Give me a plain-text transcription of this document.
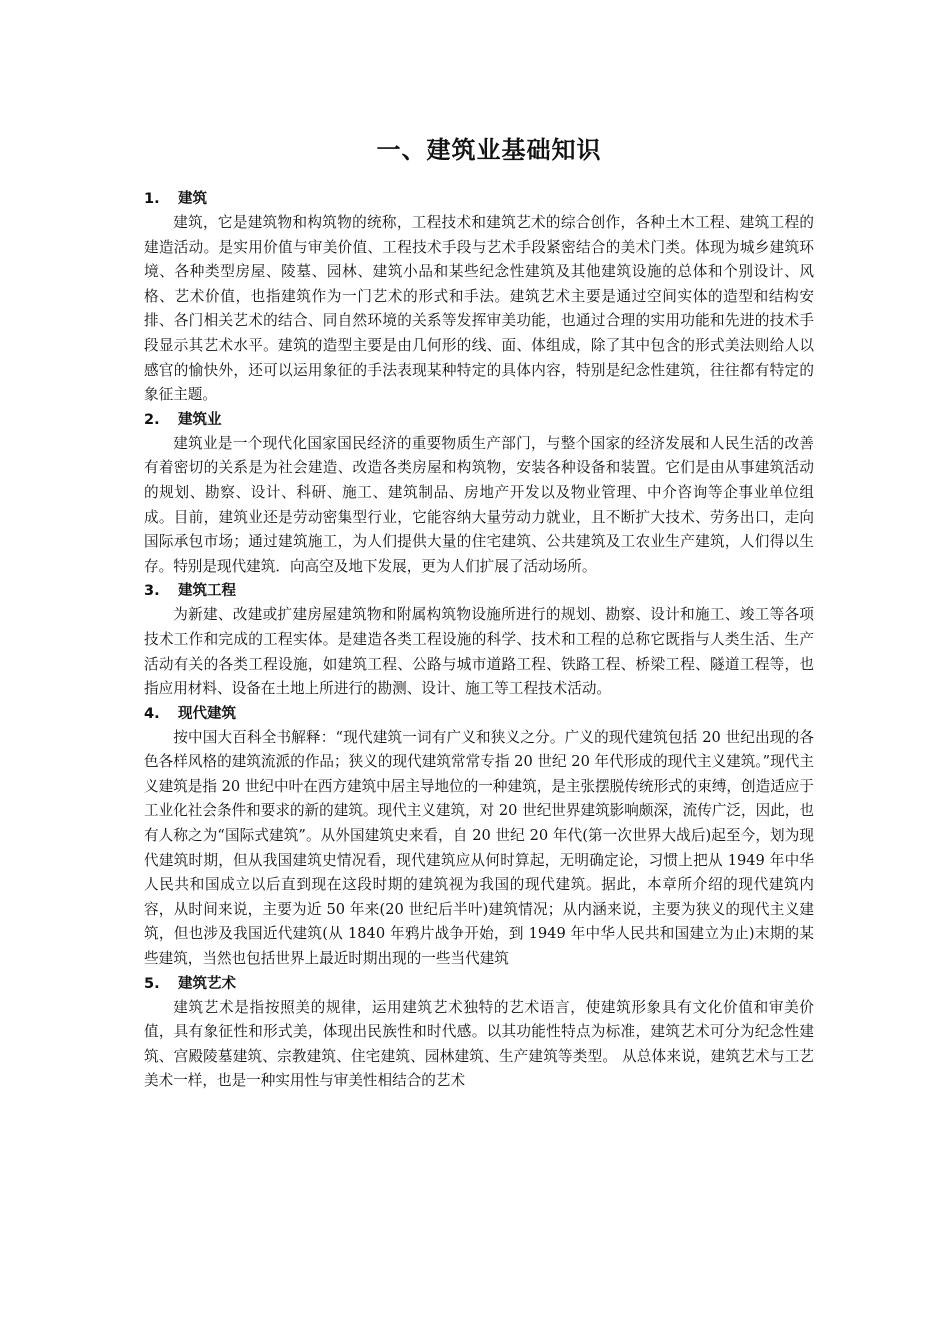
一、建筑业基础知识
1.	建筑

建筑，它是建筑物和构筑物的统称，工程技术和建筑艺术的综合创作，各种土木工程、建筑工程的建造活动。是实用价值与审美价值、工程技术手段与艺术手段紧密结合的美术门类。体现为城乡建筑环境、各种类型房屋、陵墓、园林、建筑小品和某些纪念性建筑及其他建筑设施的总体和个别设计、风格、艺术价值，也指建筑作为一门艺术的形式和手法。建筑艺术主要是通过空间实体的造型和结构安排、各门相关艺术的结合、同自然环境的关系等发挥审美功能，也通过合理的实用功能和先进的技术手段显示其艺术水平。建筑的造型主要是由几何形的线、面、体组成，除了其中包含的形式美法则给人以感官的愉快外，还可以运用象征的手法表现某种特定的具体内容，特别是纪念性建筑，往往都有特定的象征主题。

2.	建筑业

建筑业是一个现代化国家国民经济的重要物质生产部门，与整个国家的经济发展和人民生活的改善有着密切的关系是为社会建造、改造各类房屋和构筑物，安装各种设备和装置。它们是由从事建筑活动的规划、勘察、设计、科研、施工、建筑制品、房地产开发以及物业管理、中介咨询等企事业单位组成。目前，建筑业还是劳动密集型行业，它能容纳大量劳动力就业，且不断扩大技术、劳务出口，走向国际承包市场；通过建筑施工，为人们提供大量的住宅建筑、公共建筑及工农业生产建筑，人们得以生存。特别是现代建筑．向高空及地下发展，更为人们扩展了活动场所。

3.	建筑工程

为新建、改建或扩建房屋建筑物和附属构筑物设施所进行的规划、勘察、设计和施工、竣工等各项技术工作和完成的工程实体。是建造各类工程设施的科学、技术和工程的总称它既指与人类生活、生产活动有关的各类工程设施，如建筑工程、公路与城市道路工程、铁路工程、桥梁工程、隧道工程等，也指应用材料、设备在土地上所进行的勘测、设计、施工等工程技术活动。

4.	现代建筑

按中国大百科全书解释：“现代建筑一词有广义和狭义之分。广义的现代建筑包括 20 世纪出现的各色各样风格的建筑流派的作品；狭义的现代建筑常常专指 20 世纪 20 年代形成的现代主义建筑。”现代主义建筑是指 20 世纪中叶在西方建筑中居主导地位的一种建筑，是主张摆脱传统形式的束缚，创造适应于工业化社会条件和要求的新的建筑。现代主义建筑，对 20 世纪世界建筑影响颇深，流传广泛，因此，也有人称之为“国际式建筑”。从外国建筑史来看，自 20 世纪 20 年代(第一次世界大战后)起至今，划为现代建筑时期，但从我国建筑史情况看，现代建筑应从何时算起，无明确定论，习惯上把从 1949 年中华人民共和国成立以后直到现在这段时期的建筑视为我国的现代建筑。据此，本章所介绍的现代建筑内容，从时间来说，主要为近 50 年来(20 世纪后半叶)建筑情况；从内涵来说，主要为狭义的现代主义建筑，但也涉及我国近代建筑(从 1840 年鸦片战争开始，到 1949 年中华人民共和国建立为止)末期的某些建筑，当然也包括世界上最近时期出现的一些当代建筑

5.	建筑艺术

建筑艺术是指按照美的规律，运用建筑艺术独特的艺术语言，使建筑形象具有文化价值和审美价值，具有象征性和形式美，体现出民族性和时代感。以其功能性特点为标准，建筑艺术可分为纪念性建筑、宫殿陵墓建筑、宗教建筑、住宅建筑、园林建筑、生产建筑等类型。 从总体来说，建筑艺术与工艺美术一样，也是一种实用性与审美性相结合的艺术
